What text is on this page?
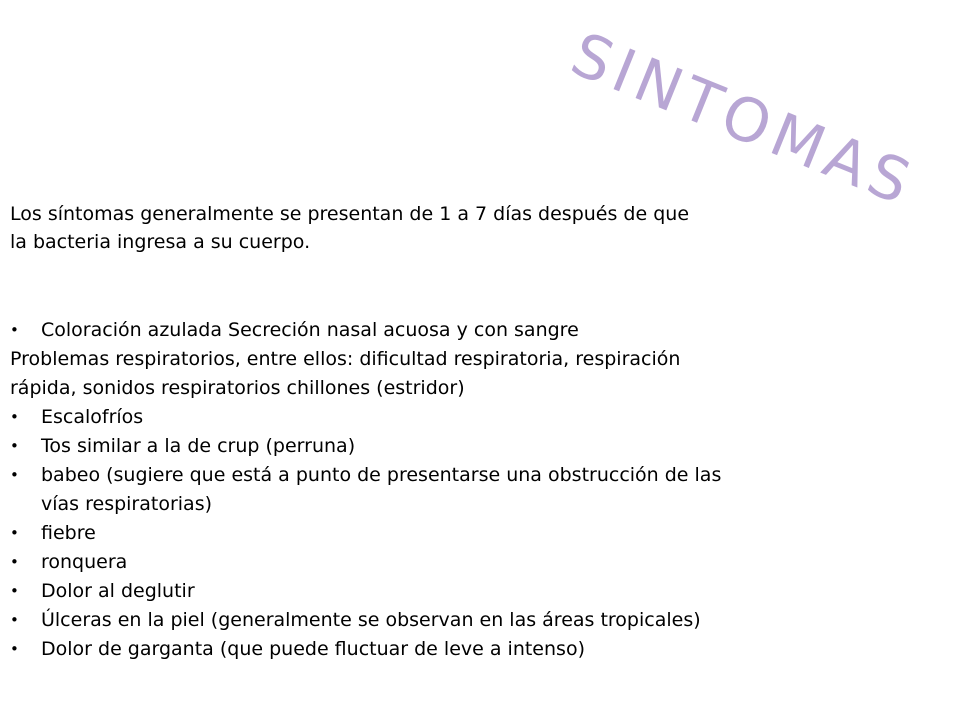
SINTOMAS

Los síntomas generalmente se presentan de 1 a 7 días después de que la bacteria ingresa a su cuerpo.

• Coloración azulada Secreción nasal acuosa y con sangre
Problemas respiratorios, entre ellos: dificultad respiratoria, respiración rápida, sonidos respiratorios chillones (estridor)
• Escalofríos
• Tos similar a la de crup (perruna)
• babeo (sugiere que está a punto de presentarse una obstrucción de las vías respiratorias)
• fiebre
• ronquera
• Dolor al deglutir
• Úlceras en la piel (generalmente se observan en las áreas tropicales)
• Dolor de garganta (que puede fluctuar de leve a intenso)
